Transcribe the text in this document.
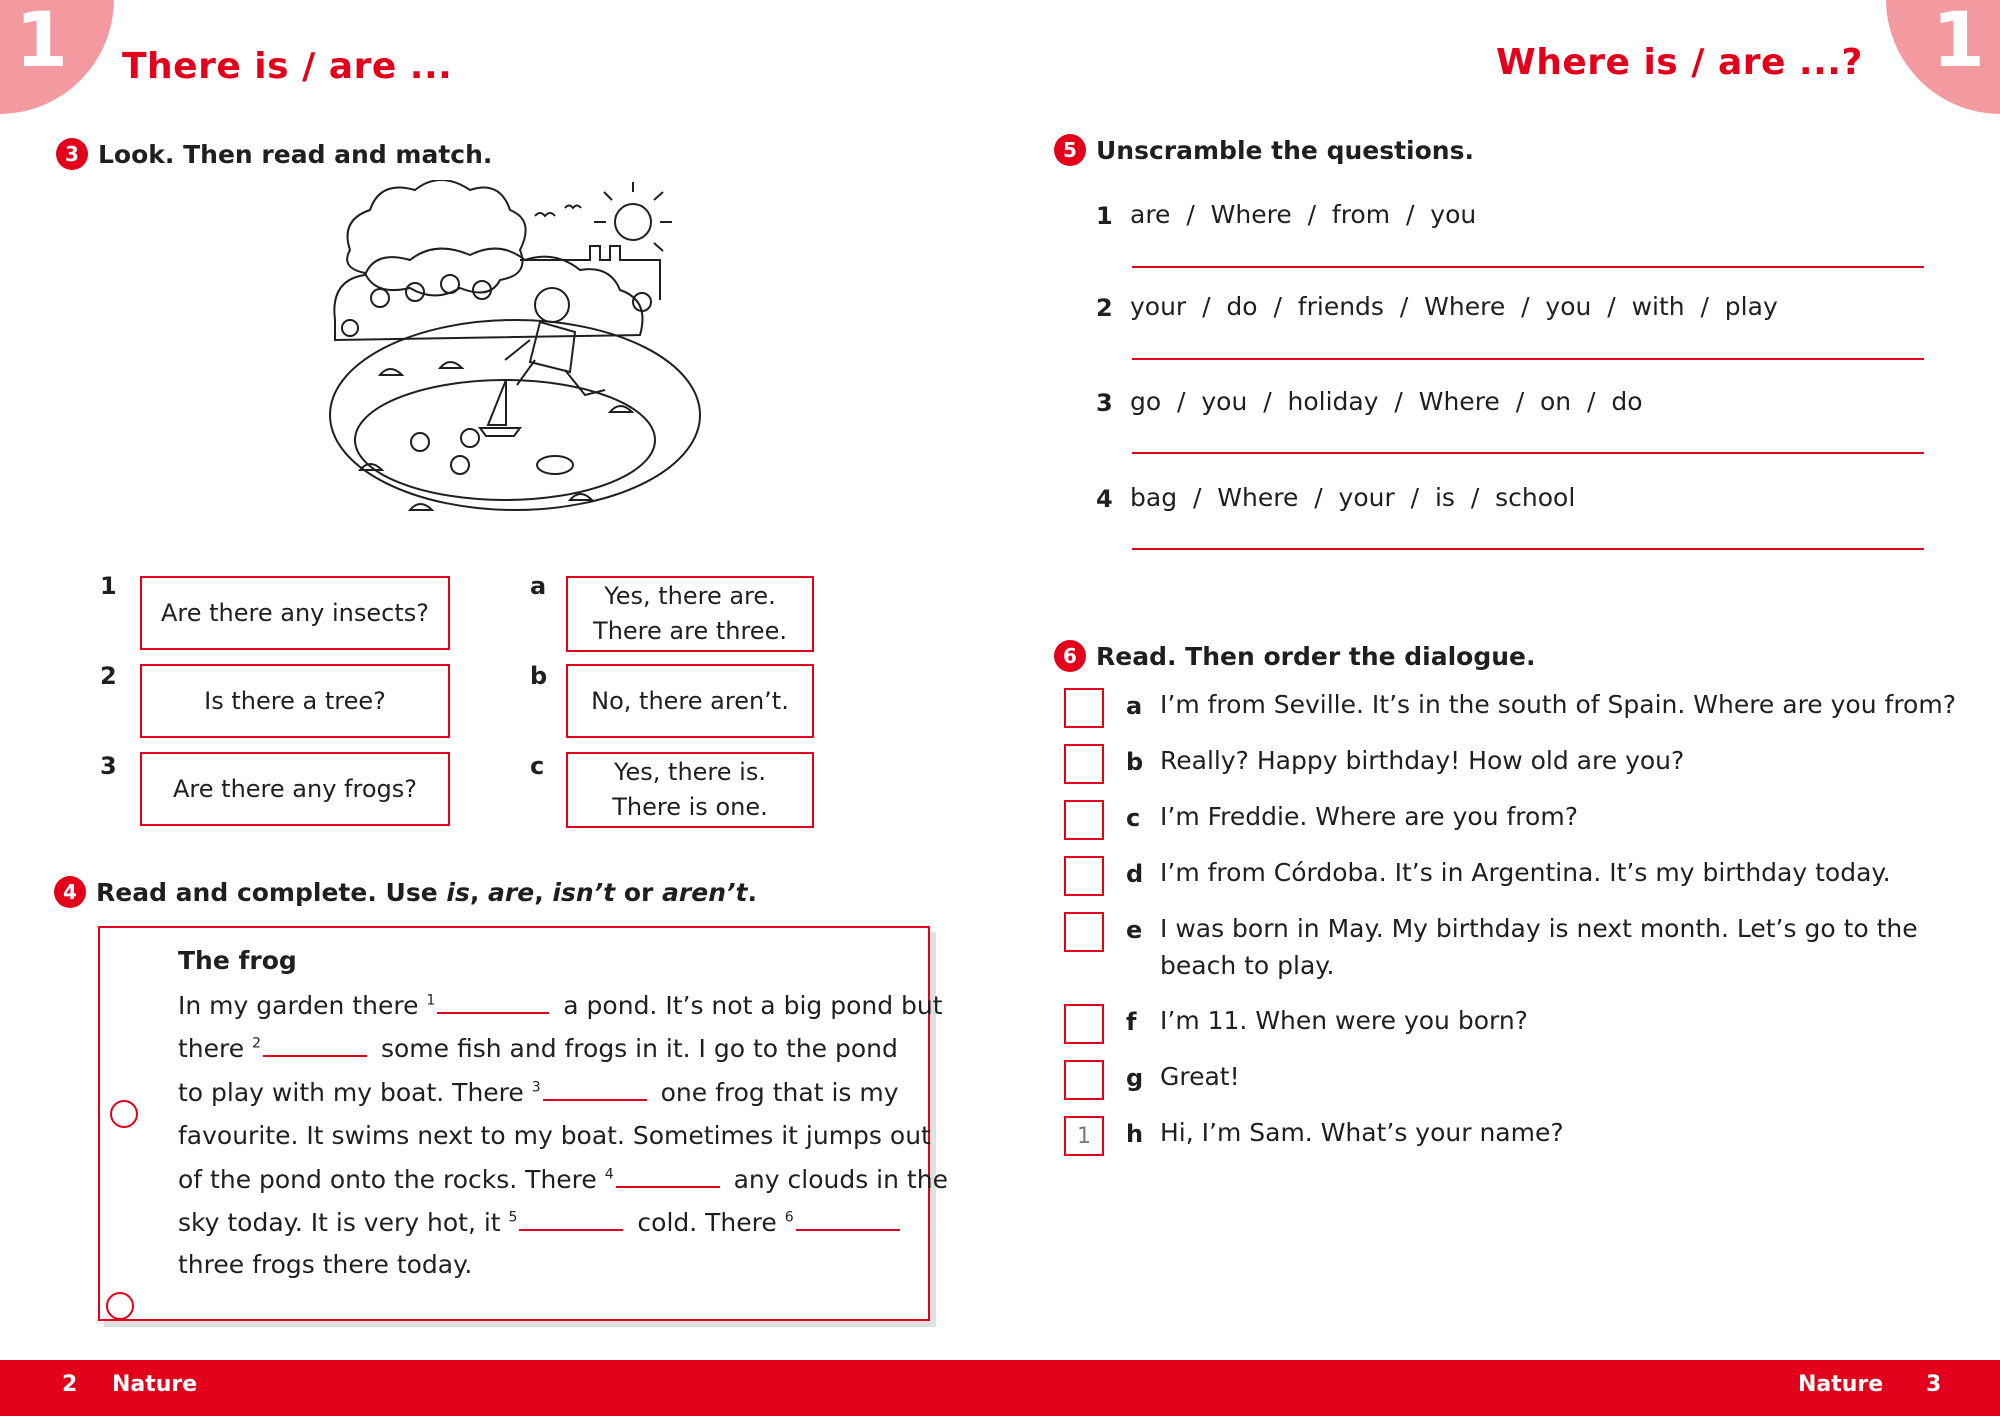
1	1
There is / are ...	Where is / are ...?
3 Look. Then read and match.
1
2
3
Are there any insects?
Is there a tree?
Are there any frogs?
a
b
c
Yes, there are.
There are three.
No, there aren’t.
Yes, there is.
There is one.
4 Read and complete. Use
is , are , isn’t
or
aren’t .
The frog
In my garden there $^1$	a pond. It’s not a big pond but
there $^2$	some fish and frogs in it. I go to the pond
to play with my boat. There $^3$	one frog that is my
favourite. It swims next to my boat. Sometimes it jumps out
of the pond onto the rocks. There $^4$	any clouds in the
sky today. It is very hot, it $^5$	cold. There $^6$
three frogs there today.
5 Unscramble the questions.
1 are  /  Where  /  from  /  you
2 your  /  do  /  friends  /  Where  /  you  /  with  /  play
3 go  /  you  /  holiday  /  Where  /  on  /  do
4 bag  /  Where  /  your  /  is  /  school
6 Read. Then order the dialogue.
a I’m from Seville. It’s in the south of Spain. Where are you from?
b Really? Happy birthday! How old are you?
c I’m Freddie. Where are you from?
d I’m from Córdoba. It’s in Argentina. It’s my birthday today.
e I was born in May. My birthday is next month. Let’s go to the
beach to play.
f I’m 11. When were you born?
g Great!
1	h Hi, I’m Sam. What’s your name?
2 Nature	Nature 3
